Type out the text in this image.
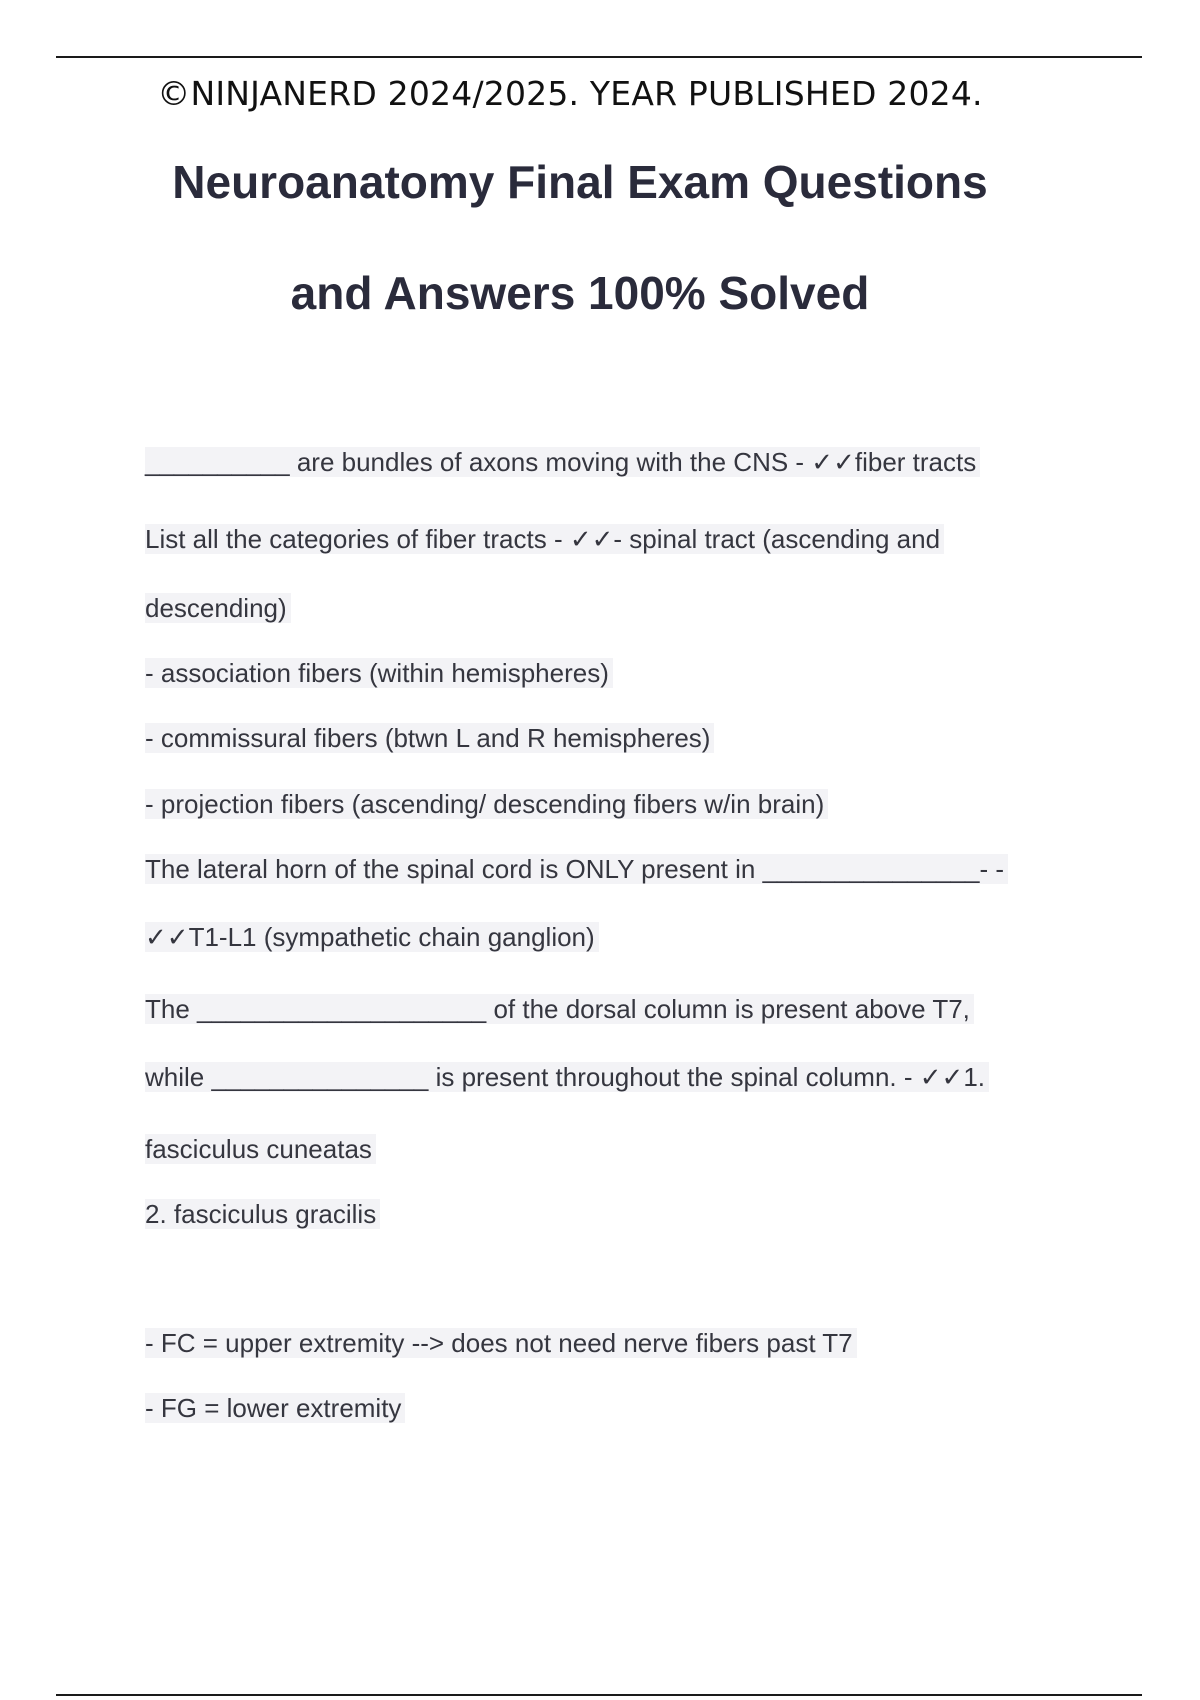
©NINJANERD 2024/2025. YEAR PUBLISHED 2024.
Neuroanatomy Final Exam Questions
and Answers 100% Solved
__________ are bundles of axons moving with the CNS - ✓✓fiber tracts
List all the categories of fiber tracts - ✓✓- spinal tract (ascending and
descending)
- association fibers (within hemispheres)
- commissural fibers (btwn L and R hemispheres)
- projection fibers (ascending/ descending fibers w/in brain)
The lateral horn of the spinal cord is ONLY present in _______________- -
✓✓T1-L1 (sympathetic chain ganglion)
The ____________________ of the dorsal column is present above T7,
while _______________ is present throughout the spinal column. - ✓✓1.
fasciculus cuneatas
2. fasciculus gracilis
- FC = upper extremity --> does not need nerve fibers past T7
- FG = lower extremity
